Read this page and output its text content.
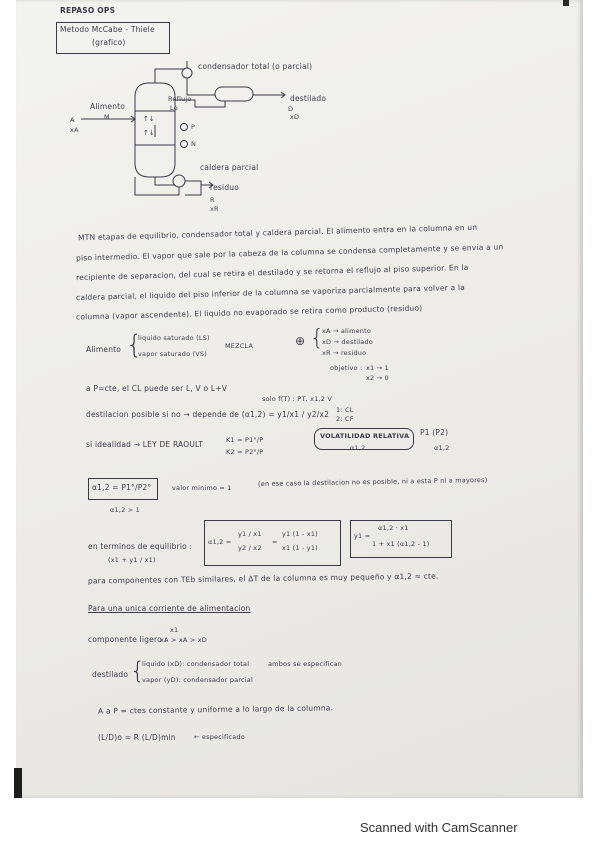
REPASO OPS
Metodo McCabe - Thiele
(grafico)
↑↓
↑↓
condensador total (o parcial)
Reflujo
Lo
destilado
D
xD
Alimento
A
xA
M
P
N
caldera parcial
residuo
R
xR
MTN etapas de equilibrio, condensador total y caldera parcial. El alimento entra en la columna en un
piso intermedio. El vapor que sale por la cabeza de la columna se condensa completamente y se envia a un
recipiente de separacion, del cual se retira el destilado y se retorna el reflujo al piso superior. En la
caldera parcial, el liquido del piso inferior de la columna se vaporiza parcialmente para volver a la
columna (vapor ascendente). El liquido no evaporado se retira como producto (residuo)
Alimento {
liquido saturado (LS)
vapor saturado (VS)
MEZCLA	⊕ {
xA → alimento
xD → destilado
xR → residuo
objetivo : x1 → 1
x2 → 0
a P=cte, el CL puede ser L, V o L+V
solo f(T) : PT, x1,2 V
destilacion posible si no → depende de (α1,2) = y1/x1 / y2/x2 1: CL
2: CF
si idealidad → LEY DE RAOULT	K1 = P1°/P
K2 = P2°/P
VOLATILIDAD RELATIVA
α1,2
P1 (P2)
α1,2
α1,2 = P1°/P2°	valor minimo = 1	(en ese caso la destilacion no es posible, ni a esta P ni a mayores)
α1,2 > 1
en terminos de equilibrio :
(x1 + y1 / x1)
α1,2 =
y1 / x1
y2 / x2
=
y1 (1 - x1)
x1 (1 - y1)
y1 =
α1,2 · x1
1 + x1 (α1,2 - 1)
para componentes con TEb similares, el ΔT de la columna es muy pequeño y α1,2 ≈ cte.
Para una unica corriente de alimentacion
componente ligero :
x1
xA > xA > xD
destilado {
liquido (xD): condensador total
vapor (yD): condensador parcial
ambos se especifican
A a P = ctes constante y uniforme a lo largo de la columna.
(L/D)o = R (L/D)min	← especificado
Scanned with CamScanner
